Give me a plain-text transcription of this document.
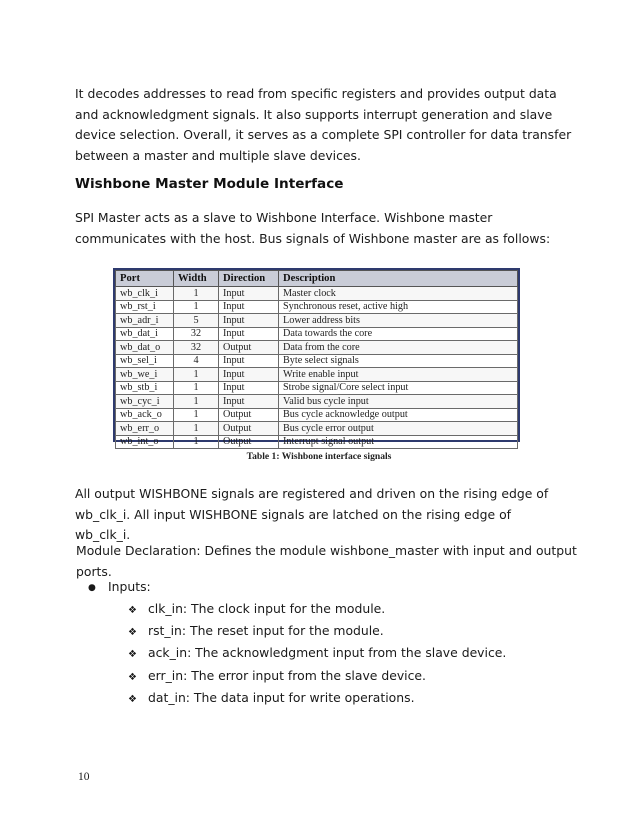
It decodes addresses to read from specific registers and provides output data and acknowledgment signals. It also supports interrupt generation and slave device selection. Overall, it serves as a complete SPI controller for data transfer between a master and multiple slave devices.

Wishbone Master Module Interface

SPI Master acts as a slave to Wishbone Interface. Wishbone master communicates with the host. Bus signals of Wishbone master are as follows:

Port	Width	Direction	Description
wb_clk_i	1	Input	Master clock
wb_rst_i	1	Input	Synchronous reset, active high
wb_adr_i	5	Input	Lower address bits
wb_dat_i	32	Input	Data towards the core
wb_dat_o	32	Output	Data from the core
wb_sel_i	4	Input	Byte select signals
wb_we_i	1	Input	Write enable input
wb_stb_i	1	Input	Strobe signal/Core select input
wb_cyc_i	1	Input	Valid bus cycle input
wb_ack_o	1	Output	Bus cycle acknowledge output
wb_err_o	1	Output	Bus cycle error output
wb_int_o	1	Output	Interrupt signal output

Table 1: Wishbone interface signals

All output WISHBONE signals are registered and driven on the rising edge of wb_clk_i. All input WISHBONE signals are latched on the rising edge of wb_clk_i.

Module Declaration: Defines the module wishbone_master with input and output ports.

● Inputs:
❖ clk_in: The clock input for the module.
❖ rst_in: The reset input for the module.
❖ ack_in: The acknowledgment input from the slave device.
❖ err_in: The error input from the slave device.
❖ dat_in: The data input for write operations.

10
